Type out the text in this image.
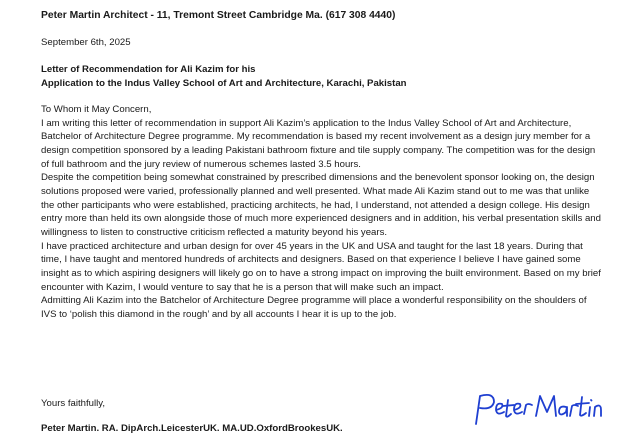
Peter Martin Architect - 11, Tremont Street Cambridge Ma. (617 308 4440)
September 6th, 2025
Letter of Recommendation for Ali Kazim for his
Application to the Indus Valley School of Art and Architecture, Karachi, Pakistan
To Whom it May Concern,

I am writing this letter of recommendation in support Ali Kazim’s application to the Indus Valley School of Art and Architecture, Batchelor of Architecture Degree programme. My recommendation is based my recent involvement as a design jury member for a design competition sponsored by a leading Pakistani bathroom fixture and tile supply company. The competition was for the design of full bathroom and the jury review of numerous schemes lasted 3.5 hours.

Despite the competition being somewhat constrained by prescribed dimensions and the benevolent sponsor looking on, the design solutions proposed were varied, professionally planned and well presented. What made Ali Kazim stand out to me was that unlike the other participants who were established, practicing architects, he had, I understand, not attended a design college. His design entry more than held its own alongside those of much more experienced designers and in addition, his verbal presentation skills and willingness to listen to constructive criticism reflected a maturity beyond his years.

I have practiced architecture and urban design for over 45 years in the UK and USA and taught for the last 18 years. During that time, I have taught and mentored hundreds of architects and designers. Based on that experience I believe I have gained some insight as to which aspiring designers will likely go on to have a strong impact on improving the built environment. Based on my brief encounter with Kazim, I would venture to say that he is a person that will make such an impact.

Admitting Ali Kazim into the Batchelor of Architecture Degree programme will place a wonderful responsibility on the shoulders of IVS to ‘polish this diamond in the rough’ and by all accounts I hear it is up to the job.

Yours faithfully,
Peter Martin. RA. DipArch.LeicesterUK. MA.UD.OxfordBrookesUK.
